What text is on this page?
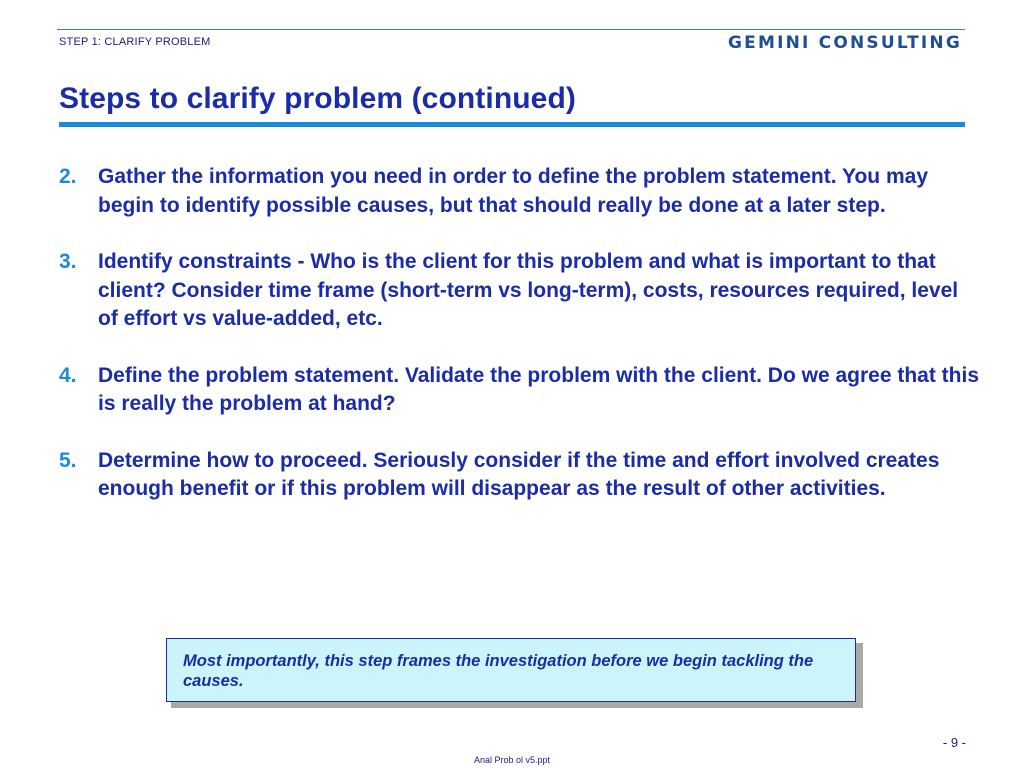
STEP 1: CLARIFY PROBLEM	GEMINI CONSULTING
Steps to clarify problem (continued)
2.	Gather the information you need in order to define the problem statement. You may begin to identify possible causes, but that should really be done at a later step.
3.	Identify constraints - Who is the client for this problem and what is important to that client? Consider time frame (short-term vs long-term), costs, resources required, level of effort vs value-added, etc.
4.	Define the problem statement. Validate the problem with the client. Do we agree that this is really the problem at hand?
5.	Determine how to proceed. Seriously consider if the time and effort involved creates enough benefit or if this problem will disappear as the result of other activities.
Most importantly, this step frames the investigation before we begin tackling the causes.
- 9 -
Anal Prob ol v5.ppt
